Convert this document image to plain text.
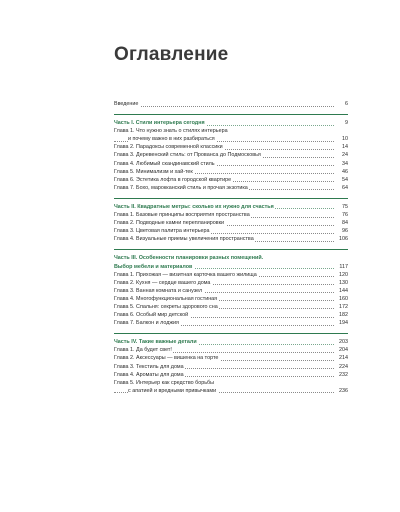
Оглавление
Введение	6
Часть I. Стили интерьера сегодня	9
Глава 1. Что нужно знать о стилях интерьера
и почему важно в них разбираться	10
Глава 2. Парадоксы современной классики	14
Глава 3. Деревенский стиль: от Прованса до Подмосковья	24
Глава 4. Любимый скандинавский стиль	34
Глава 5. Минимализм и хай-тек	46
Глава 6. Эстетика лофта в городской квартире	54
Глава 7. Бохо, марокканский стиль и прочая экзотика	64
Часть II. Квадратные метры: сколько их нужно для счастья	75
Глава 1. Базовые принципы восприятия пространства	76
Глава 2. Подводные камни перепланировки	84
Глава 3. Цветовая палитра интерьера	96
Глава 4. Визуальные приемы увеличения пространства	106
Часть III. Особенности планировки разных помещений.
Выбор мебели и материалов	117
Глава 1. Прихожая — визитная карточка вашего жилища	120
Глава 2. Кухня — сердце вашего дома	130
Глава 3. Ванная комната и санузел	144
Глава 4. Многофункциональная гостиная	160
Глава 5. Спальня: секреты здорового сна	172
Глава 6. Особый мир детской	182
Глава 7. Балкон и лоджия	194
Часть IV. Такие важные детали	203
Глава 1. Да будет свет!	204
Глава 2. Аксессуары — вишенка на торте	214
Глава 3. Текстиль для дома	224
Глава 4. Ароматы для дома	232
Глава 5. Интерьер как средство борьбы
с апатией и вредными привычками	236
